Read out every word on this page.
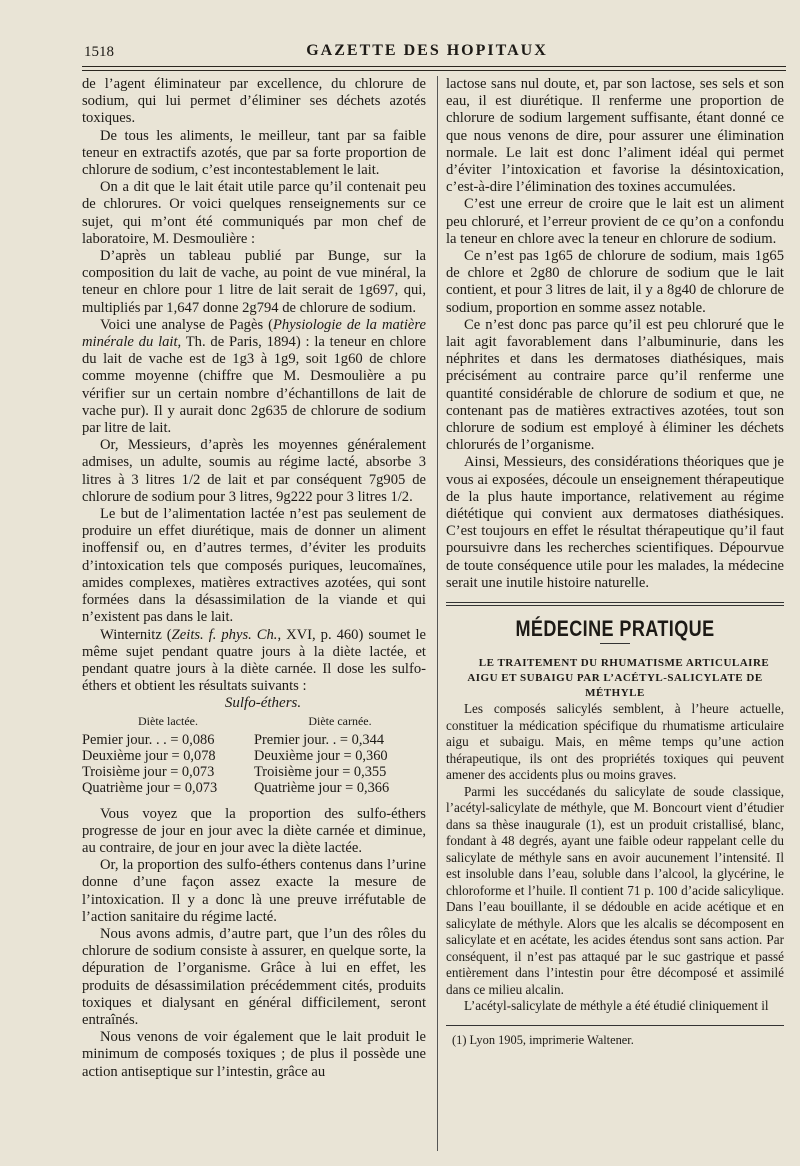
1518	GAZETTE DES HOPITAUX

de l’agent éliminateur par excellence, du chlorure de sodium, qui lui permet d’éliminer ses déchets azotés toxiques.

De tous les aliments, le meilleur, tant par sa faible teneur en extractifs azotés, que par sa forte proportion de chlorure de sodium, c’est incontestablement le lait.

On a dit que le lait était utile parce qu’il contenait peu de chlorures. Or voici quelques renseignements sur ce sujet, qui m’ont été communiqués par mon chef de laboratoire, M. Desmoulière :

D’après un tableau publié par Bunge, sur la composition du lait de vache, au point de vue minéral, la teneur en chlore pour 1 litre de lait serait de 1g697, qui, multipliés par 1,647 donne 2g794 de chlorure de sodium.

Voici une analyse de Pagès (Physiologie de la matière minérale du lait, Th. de Paris, 1894) : la teneur en chlore du lait de vache est de 1g3 à 1g9, soit 1g60 de chlore comme moyenne (chiffre que M. Desmoulière a pu vérifier sur un certain nombre d’échantillons de lait de vache pur). Il y aurait donc 2g635 de chlorure de sodium par litre de lait.

Or, Messieurs, d’après les moyennes généralement admises, un adulte, soumis au régime lacté, absorbe 3 litres à 3 litres 1/2 de lait et par conséquent 7g905 de chlorure de sodium pour 3 litres, 9g222 pour 3 litres 1/2.

Le but de l’alimentation lactée n’est pas seulement de produire un effet diurétique, mais de donner un aliment inoffensif ou, en d’autres termes, d’éviter les produits d’intoxication tels que composés puriques, leucomaïnes, amides complexes, matières extractives azotées, qui sont formées dans la désassimilation de la viande et qui n’existent pas dans le lait.

Winternitz (Zeits. f. phys. Ch., XVI, p. 460) soumet le même sujet pendant quatre jours à la diète lactée, et pendant quatre jours à la diète carnée. Il dose les sulfo-éthers et obtient les résultats suivants :

Sulfo-éthers.

Diète lactée.	Diète carnée.
Pemier jour. . . = 0,086	Premier jour. . = 0,344
Deuxième jour = 0,078	Deuxième jour = 0,360
Troisième jour = 0,073	Troisième jour = 0,355
Quatrième jour = 0,073	Quatrième jour = 0,366

Vous voyez que la proportion des sulfo-éthers progresse de jour en jour avec la diète carnée et diminue, au contraire, de jour en jour avec la diète lactée.

Or, la proportion des sulfo-éthers contenus dans l’urine donne d’une façon assez exacte la mesure de l’intoxication. Il y a donc là une preuve irréfutable de l’action sanitaire du régime lacté.

Nous avons admis, d’autre part, que l’un des rôles du chlorure de sodium consiste à assurer, en quelque sorte, la dépuration de l’organisme. Grâce à lui en effet, les produits de désassimilation précédemment cités, produits toxiques et dialysant en général difficilement, seront entraînés.

Nous venons de voir également que le lait produit le minimum de composés toxiques ; de plus il possède une action antiseptique sur l’intestin, grâce au

lactose sans nul doute, et, par son lactose, ses sels et son eau, il est diurétique. Il renferme une proportion de chlorure de sodium largement suffisante, étant donné ce que nous venons de dire, pour assurer une élimination normale. Le lait est donc l’aliment idéal qui permet d’éviter l’intoxication et favorise la désintoxication, c’est-à-dire l’élimination des toxines accumulées.

C’est une erreur de croire que le lait est un aliment peu chloruré, et l’erreur provient de ce qu’on a confondu la teneur en chlore avec la teneur en chlorure de sodium.

Ce n’est pas 1g65 de chlorure de sodium, mais 1g65 de chlore et 2g80 de chlorure de sodium que le lait contient, et pour 3 litres de lait, il y a 8g40 de chlorure de sodium, proportion en somme assez notable.

Ce n’est donc pas parce qu’il est peu chloruré que le lait agit favorablement dans l’albuminurie, dans les néphrites et dans les dermatoses diathésiques, mais précisément au contraire parce qu’il renferme une quantité considérable de chlorure de sodium et que, ne contenant pas de matières extractives azotées, tout son chlorure de sodium est employé à éliminer les déchets chlorurés de l’organisme.

Ainsi, Messieurs, des considérations théoriques que je vous ai exposées, découle un enseignement thérapeutique de la plus haute importance, relativement au régime diététique qui convient aux dermatoses diathésiques. C’est toujours en effet le résultat thérapeutique qu’il faut poursuivre dans les recherches scientifiques. Dépourvue de toute conséquence utile pour les malades, la médecine serait une inutile histoire naturelle.

MÉDECINE PRATIQUE

LE TRAITEMENT DU RHUMATISME ARTICULAIRE AIGU ET SUBAIGU PAR L’ACÉTYL-SALICYLATE DE MÉTHYLE

Les composés salicylés semblent, à l’heure actuelle, constituer la médication spécifique du rhumatisme articulaire aigu et subaigu. Mais, en même temps qu’une action thérapeutique, ils ont des propriétés toxiques qui peuvent amener des accidents plus ou moins graves.

Parmi les succédanés du salicylate de soude classique, l’acétyl-salicylate de méthyle, que M. Boncourt vient d’étudier dans sa thèse inaugurale (1), est un produit cristallisé, blanc, fondant à 48 degrés, ayant une faible odeur rappelant celle du salicylate de méthyle sans en avoir aucunement l’intensité. Il est insoluble dans l’eau, soluble dans l’alcool, la glycérine, le chloroforme et l’huile. Il contient 71 p. 100 d’acide salicylique. Dans l’eau bouillante, il se dédouble en acide acétique et en salicylate de méthyle. Alors que les alcalis se décomposent en salicylate et en acétate, les acides étendus sont sans action. Par conséquent, il n’est pas attaqué par le suc gastrique et passé entièrement dans l’intestin pour être décomposé et assimilé dans ce milieu alcalin.

L’acétyl-salicylate de méthyle a été étudié cliniquement il

(1) Lyon 1905, imprimerie Waltener.
